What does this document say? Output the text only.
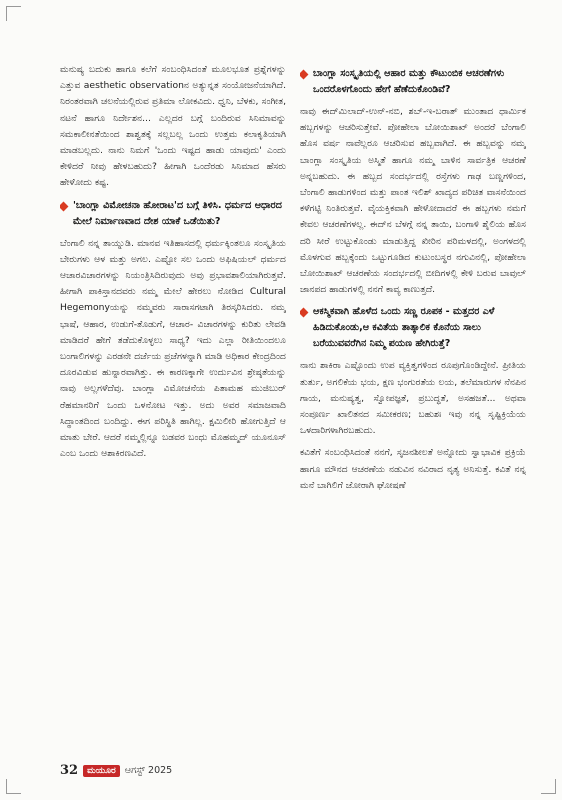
ಮನುಷ್ಯ ಬದುಕು ಹಾಗೂ ಕಲೆಗೆ ಸಂಬಂಧಿಸಿದಂತೆ ಮೂಲಭೂತ ಪ್ರಶ್ನೆಗಳನ್ನು ಎತ್ತುವ aesthetic observationನ ಅತ್ಯುನ್ನತ ಸಂಯೋಜನೆಯಾಗಿದೆ. ನಿರಂತರವಾಗಿ ಚಲನೆಯಲ್ಲಿರುವ ಪ್ರತಿಮಾ ಲೋಕವಿದು. ಧ್ವನಿ, ಬೆಳಕು, ಸಂಗೀತ, ನಟನೆ ಹಾಗೂ ನಿರ್ದೇಶನ... ಎಲ್ಲದರ ಬಗ್ಗೆ ಬಂದಿರುವ ಸಿನಿಮಾವನ್ನು ಸಮಕಾಲೀನತೆಯಿಂದ ಶಾಶ್ವತಕ್ಕೆ ಸಲ್ಲಬಲ್ಲ ಒಂದು ಉತ್ತಮ ಕಲಾಕೃತಿಯಾಗಿ ಮಾಡಬಲ್ಲದು. ನಾನು ನಿಮಗೆ 'ಒಂದು ಇಷ್ಟದ ಹಾಡು ಯಾವುದು' ಎಂದು ಕೇಳಿದರೆ ನೀವು ಹೇಳಬಹುದು? ಹೀಗಾಗಿ ಒಂದೆರಡು ಸಿನಿಮಾದ ಹೆಸರು ಹೇಳೋದು ಕಷ್ಟ.

'ಬಾಂಗ್ಲಾ ವಿಮೋಚನಾ ಹೋರಾಟ'ದ ಬಗ್ಗೆ ತಿಳಿಸಿ. ಧರ್ಮದ ಆಧಾರದ ಮೇಲೆ ನಿರ್ಮಾಣವಾದ ದೇಶ ಯಾಕೆ ಒಡೆಯಿತು?

ಬೆಂಗಾಲಿ ನನ್ನ ತಾಯ್ನುಡಿ. ಮಾನವ ಇತಿಹಾಸದಲ್ಲಿ ಧರ್ಮಕ್ಕಿಂತಲೂ ಸಂಸ್ಕೃತಿಯ ಬೇರುಗಳು ಆಳ ಮತ್ತು ಅಗಲ. ಎಷ್ಟೋ ಸಲ ಒಂದು ಅಫಿಷಿಯಲ್ ಧರ್ಮದ ಆಚಾರವಿಚಾರಗಳನ್ನು ನಿಯಂತ್ರಿಸಿದಿರುವುದು ಅವು ಪ್ರಭಾವಶಾಲಿಯಾಗಿರುತ್ತವೆ. ಹೀಗಾಗಿ ಪಾಕಿಸ್ತಾನದವರು ನಮ್ಮ ಮೇಲೆ ಹೇರಲು ನೋಡಿದ Cultural Hegemonyಯನ್ನು ನಮ್ಮವರು ಸಾರಾಸಗಟಾಗಿ ತಿರಸ್ಕರಿಸಿದರು. ನಮ್ಮ ಭಾಷೆ, ಆಹಾರ, ಉಡುಗೆ-ತೊಡುಗೆ, ಆಚಾರ- ವಿಚಾರಗಳನ್ನು ಕುರಿತು ಲೇವಡಿ ಮಾಡಿದರೆ ಹೇಗೆ ತಡೆದುಕೊಳ್ಳಲು ಸಾಧ್ಯ? ಇದು ಎಲ್ಲಾ ರೀತಿಯಿಂದಲೂ ಬಂಗಾಲಿಗಳನ್ನು ಎರಡನೇ ದರ್ಜೆಯ ಪ್ರಜೆಗಳನ್ನಾಗಿ ಮಾಡಿ ಅಧಿಕಾರ ಕೇಂದ್ರದಿಂದ ದೂರವಿಡುವ ಹುನ್ನಾರವಾಗಿತ್ತು. ಈ ಕಾರಣಕ್ಕಾಗೇ ಉರ್ದುವಿನ ಶ್ರೇಷ್ಠತೆಯನ್ನು ನಾವು ಅಲ್ಲಗಳೆದೆವು. ಬಾಂಗ್ಲಾ ವಿಮೋಚನೆಯ ಪಿತಾಮಹ ಮುಜಿಬುರ್ ರೆಹಮಾನರಿಗೆ ಒಂದು ಒಳನೋಟ ಇತ್ತು. ಅದು ಅವರ ಸಮಾಜವಾದಿ ಸಿದ್ಧಾಂತದಿಂದ ಬಂದಿದ್ದು. ಈಗ ಪರಿಸ್ಥಿತಿ ಹಾಗಿಲ್ಲ. ಕ್ಷಮಿಲೀರಿ ಹೋಗುತ್ತಿದೆ ಆ ಮಾತು ಬೇರೆ. ಆದರೆ ನಮ್ಮಲ್ಲಿನ್ನೂ ಬಡವರ ಬಂಧು ಮೊಹಮ್ಮದ್ ಯೂನೂಸ್ ಎಂಬ ಒಂದು ಆಶಾಕಿರಣವಿದೆ.

ಬಾಂಗ್ಲಾ ಸಂಸ್ಕೃತಿಯಲ್ಲಿ ಆಹಾರ ಮತ್ತು ಕೌಟುಂಬಿಕ ಆಚರಣೆಗಳು ಒಂದರೊಳಗೊಂದು ಹೇಗೆ ಹೆಣೆದುಕೊಂಡಿವೆ?

ನಾವು ಈದ್‌ಮಿಲಾದ್-ಉನ್-ನಬಿ, ಶಬ್-ಇ-ಬರಾತ್ ಮುಂತಾದ ಧಾರ್ಮಿಕ ಹಬ್ಬಗಳನ್ನು ಆಚರಿಸುತ್ತೇವೆ. ಪೋಹೇಲಾ ಬೋಯಿಶಾಖ್ ಅಂದರೆ ಬೆಂಗಾಲಿ ಹೊಸ ವರ್ಷ ನಾವೆಲ್ಲರೂ ಆಚರಿಸುವ ಹಬ್ಬವಾಗಿದೆ. ಈ ಹಬ್ಬವನ್ನು ನಮ್ಮ ಬಾಂಗ್ಲಾ ಸಂಸ್ಕೃತಿಯ ಅಸ್ಮಿತೆ ಹಾಗೂ ನಮ್ಮ ಬಾಳಿನ ಸಾರ್ವತ್ರಿಕ ಆಚರಣೆ ಅನ್ನಬಹುದು. ಈ ಹಬ್ಬದ ಸಂದರ್ಭದಲ್ಲಿ ರಸ್ತೆಗಳು ಗಾಢ ಬಣ್ಣಗಳಿಂದ, ಬೆಂಗಾಲಿ ಹಾಡುಗಳಿಂದ ಮತ್ತು ಪಾಂತ ಇಲಿಶ್ ಖಾದ್ಯದ ಪರಿಚಿತ ವಾಸನೆಯಿಂದ ಕಳೆಗಟ್ಟಿ ನಿಂತಿರುತ್ತವೆ. ವೈಯಕ್ತಿಕವಾಗಿ ಹೇಳೋದಾದರೆ ಈ ಹಬ್ಬಗಳು ನಮಗೆ ಕೇವಲ ಆಚರಣೆಗಳಲ್ಲ. ಈದ್‌ನ ಬೆಳಗ್ಗೆ ನನ್ನ ತಾಯಿ, ಬಂಗಾಳಿ ಶೈಲಿಯ ಹೊಸ ದರಿ ಸೀರೆ ಉಟ್ಟುಕೊಂಡು ಮಾಡುತ್ತಿದ್ದ ಖೀರಿನ ಪರಿಮಳದಲ್ಲಿ, ಅಂಗಳದಲ್ಲಿ ಮೊಳಗುವ ಹಬ್ಬಕ್ಕೆಂದು ಒಟ್ಟುಗೂಡಿದ ಕುಟುಂಬಸ್ಥರ ನಗುವಿನಲ್ಲಿ, ಪೋಹೇಲಾ ಬೋಯಿಶಾಖ್ ಆಚರಣೆಯ ಸಂದರ್ಭದಲ್ಲಿ ಬೀದಿಗಳಲ್ಲಿ ಕೇಳಿ ಬರುವ ಬಾವುಲ್ ಜಾನಪದ ಹಾಡುಗಳಲ್ಲಿ ನನಗೆ ಕಾವ್ಯ ಕಾಣುತ್ತದೆ.

ಆಕಸ್ಮಿಕವಾಗಿ ಹೊಳೆದ ಒಂದು ಸಣ್ಣ ರೂಪಕ - ಮತ್ತದರ ಎಳೆ ಹಿಡಿದುಕೊಂಡು,ಆ ಕವಿತೆಯ ತಾತ್ಕಾಲಿಕ ಕೊನೆಯ ಸಾಲು ಬರೆಯುವವರೆಗಿನ ನಿಮ್ಮ ಪಯಣ ಹೇಗಿರುತ್ತೆ?

ನಾನು ಶಾಕಿರಾ ಎಷ್ಟೊಂದು ಉಪ ವ್ಯಕ್ತಿತ್ವಗಳಿಂದ ರೂಪುಗೊಂಡಿದ್ದೇನೆ. ಪ್ರೀತಿಯ ತುರ್ತು, ಅಗಲಿಕೆಯ ಭಯ, ಕ್ಷಣ ಭಂಗುರತೆಯ ಲಯ, ತಲೆಮಾರುಗಳ ನೆನಪಿನ ಗಾಯ, ಮನುಷ್ಯತ್ವ, ಸ್ವೋಪಜ್ಞತೆ, ಪ್ರಬುದ್ಧತೆ, ಅಸಹಜತೆ... ಅಥವಾ ಸಂಪೂರ್ಣ ಖಾಲಿತನದ ಸಮೀಕರಣ; ಬಹುಶಃ ಇವು ನನ್ನ ಸೃಷ್ಟಿಕ್ರಿಯೆಯ ಒಳದಾರಿಗಳಾಗಿರಬಹುದು.

ಕವಿತೆಗೆ ಸಂಬಂಧಿಸಿದಂತೆ ನನಗೆ, ಸೃಜನಶೀಲತೆ ಅನ್ನೋದು ಸ್ವಾಭಾವಿಕ ಪ್ರಕ್ರಿಯೆ ಹಾಗೂ ಮೌನದ ಆಚರಣೆಯ ನಡುವಿನ ನವಿರಾದ ನೃತ್ಯ ಅನಿಸುತ್ತೆ. ಕವಿತೆ ನನ್ನ ಮನೆ ಬಾಗಿಲಿಗೆ ಜೋರಾಗಿ ಘೋಷಣೆ

32	ಮಯೂರ ಆಗಸ್ಟ್ 2025
